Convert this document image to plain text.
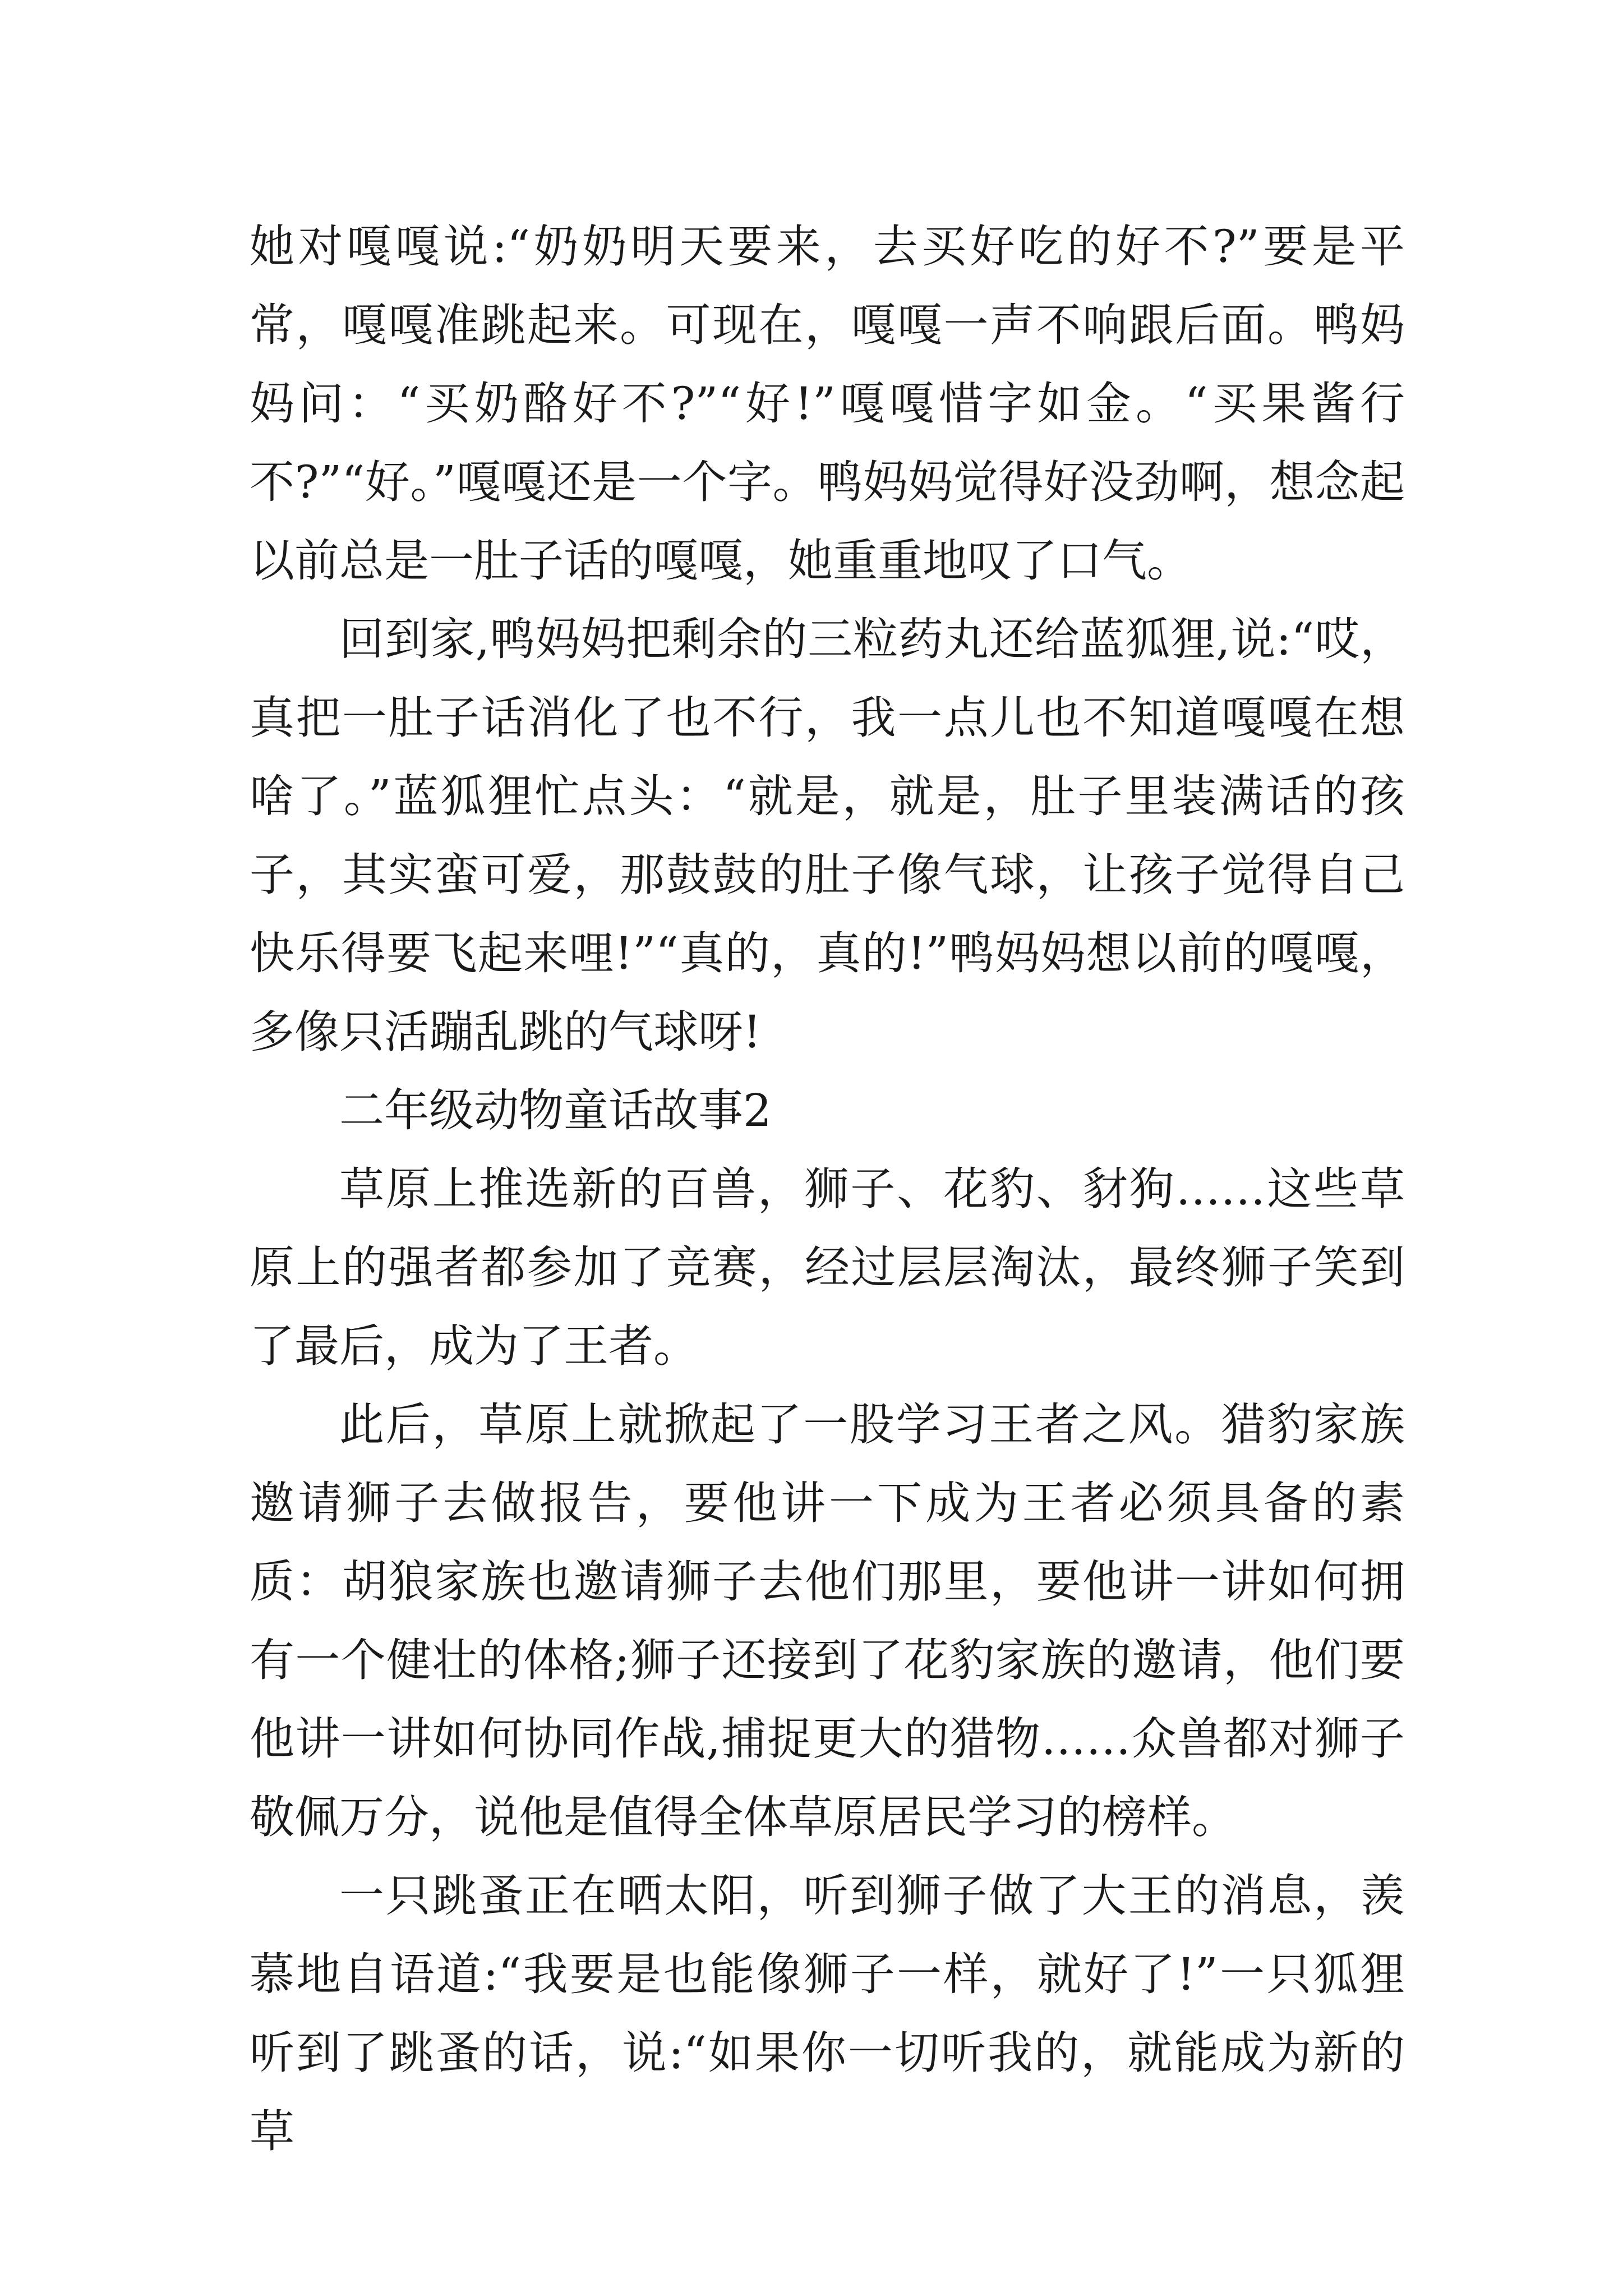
她对嘎嘎说:“奶奶明天要来，去买好吃的好不?”要是平常，嘎嘎准跳起来。可现在，嘎嘎一声不响跟后面。鸭妈妈问：“买奶酪好不?”“好!”嘎嘎惜字如金。“买果酱行不?”“好。”嘎嘎还是一个字。鸭妈妈觉得好没劲啊，想念起以前总是一肚子话的嘎嘎，她重重地叹了口气。

回到家,鸭妈妈把剩余的三粒药丸还给蓝狐狸,说:“哎，真把一肚子话消化了也不行，我一点儿也不知道嘎嘎在想啥了。”蓝狐狸忙点头：“就是，就是，肚子里装满话的孩子，其实蛮可爱，那鼓鼓的肚子像气球，让孩子觉得自己快乐得要飞起来哩!”“真的，真的!”鸭妈妈想以前的嘎嘎，多像只活蹦乱跳的气球呀!

二年级动物童话故事2

草原上推选新的百兽，狮子、花豹、豺狗……这些草原上的强者都参加了竞赛，经过层层淘汰，最终狮子笑到了最后，成为了王者。

此后，草原上就掀起了一股学习王者之风。猎豹家族邀请狮子去做报告，要他讲一下成为王者必须具备的素质：胡狼家族也邀请狮子去他们那里，要他讲一讲如何拥有一个健壮的体格;狮子还接到了花豹家族的邀请，他们要他讲一讲如何协同作战,捕捉更大的猎物……众兽都对狮子敬佩万分，说他是值得全体草原居民学习的榜样。

一只跳蚤正在晒太阳，听到狮子做了大王的消息，羡慕地自语道:“我要是也能像狮子一样，就好了!”一只狐狸听到了跳蚤的话，说:“如果你一切听我的，就能成为新的草
